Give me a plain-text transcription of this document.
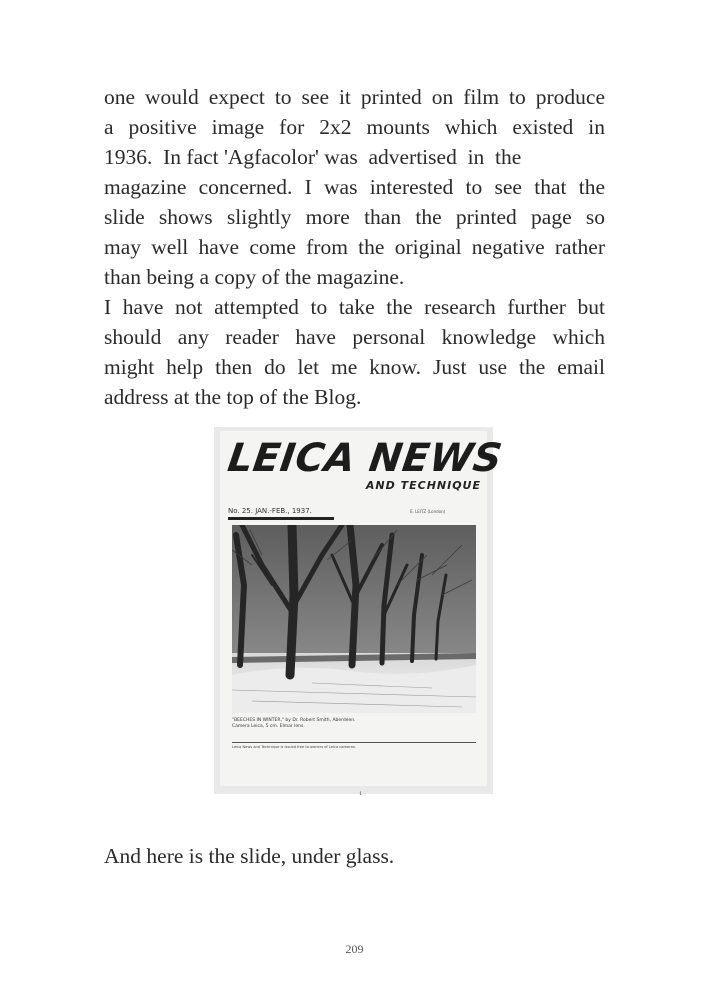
one would expect to see it printed on film to produce
a positive image for 2x2 mounts which existed in
1936.  In fact 'Agfacolor' was  advertised  in  the
magazine concerned. I was interested to see that the
slide shows slightly more than the printed page so
may well have come from the original negative rather
than being a copy of the magazine.

I have not attempted to take the research further but
should any reader have personal knowledge which
might help then do let me know. Just use the email
address at the top of the Blog.

LEICA NEWS
AND TECHNIQUE
No. 25. JAN.-FEB., 1937.	E. LEITZ (London)
"BEECHES IN WINTER," by Dr. Robert Smith, Aberdeen.
Camera Leica, 5 cm. Elmar lens.
Leica News and Technique is issued free to owners of Leica cameras.
1

And here is the slide, under glass.

209
